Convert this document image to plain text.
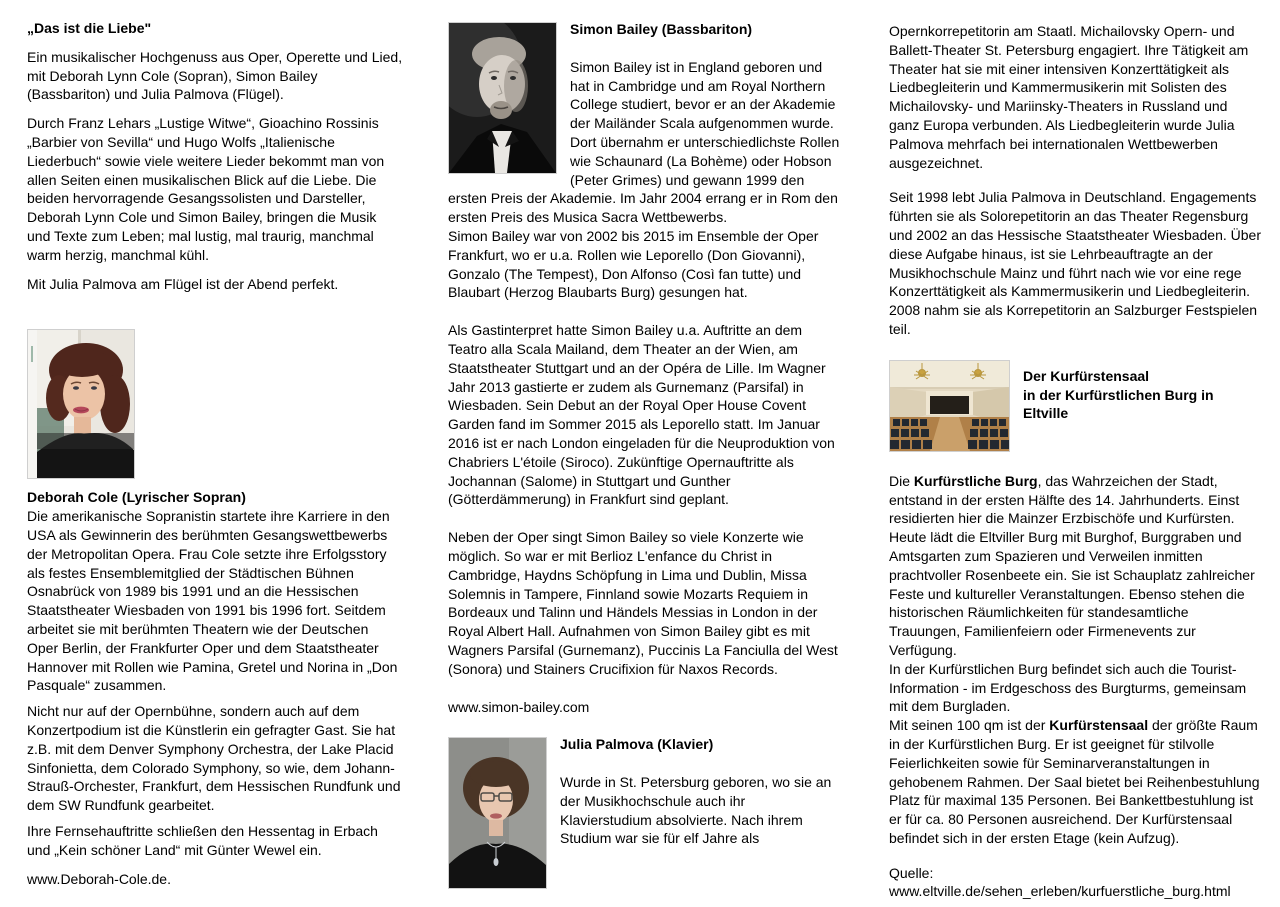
„Das ist die Liebe"

Ein musikalischer Hochgenuss aus Oper, Operette und Lied, mit Deborah Lynn Cole (Sopran), Simon Bailey (Bassbariton) und Julia Palmova (Flügel).

Durch Franz Lehars „Lustige Witwe“, Gioachino Rossinis „Barbier von Sevilla“ und Hugo Wolfs „Italienische Liederbuch“ sowie viele weitere Lieder bekommt man von allen Seiten einen musikalischen Blick auf die Liebe. Die beiden hervorragende Gesangssolisten und Darsteller, Deborah Lynn Cole und Simon Bailey, bringen die Musik und Texte zum Leben; mal lustig, mal traurig, manchmal warm herzig, manchmal kühl.

Mit Julia Palmova am Flügel ist der Abend perfekt.

Deborah Cole (Lyrischer Sopran)
Die amerikanische Sopranistin startete ihre Karriere in den USA als Gewinnerin des berühmten Gesangswettbewerbs der Metropolitan Opera. Frau Cole setzte ihre Erfolgsstory als festes Ensemblemitglied der Städtischen Bühnen Osnabrück von 1989 bis 1991 und an die Hessischen Staatstheater Wiesbaden von 1991 bis 1996 fort. Seitdem arbeitet sie mit berühmten Theatern wie der Deutschen Oper Berlin, der Frankfurter Oper und dem Staatstheater Hannover mit Rollen wie Pamina, Gretel und Norina in „Don Pasquale“ zusammen.

Nicht nur auf der Opernbühne, sondern auch auf dem Konzertpodium ist die Künstlerin ein gefragter Gast. Sie hat z.B. mit dem Denver Symphony Orchestra, der Lake Placid Sinfonietta, dem Colorado Symphony, so wie, dem Johann-Strauß-Orchester, Frankfurt, dem Hessischen Rundfunk und dem SW Rundfunk gearbeitet.

Ihre Fernsehauftritte schließen den Hessentag in Erbach und „Kein schöner Land“ mit Günter Wewel ein.

www.Deborah-Cole.de.

Simon Bailey (Bassbariton)
Simon Bailey ist in England geboren und hat in Cambridge und am Royal Northern College studiert, bevor er an der Akademie der Mailänder Scala aufgenommen wurde. Dort übernahm er unterschiedlichste Rollen wie Schaunard (La Bohème) oder Hobson (Peter Grimes) und gewann 1999 den ersten Preis der Akademie. Im Jahr 2004 errang er in Rom den ersten Preis des Musica Sacra Wettbewerbs.
Simon Bailey war von 2002 bis 2015 im Ensemble der Oper Frankfurt, wo er u.a. Rollen wie Leporello (Don Giovanni), Gonzalo (The Tempest), Don Alfonso (Così fan tutte) und Blaubart (Herzog Blaubarts Burg) gesungen hat.

Als Gastinterpret hatte Simon Bailey u.a. Auftritte an dem Teatro alla Scala Mailand, dem Theater an der Wien, am Staatstheater Stuttgart und an der Opéra de Lille. Im Wagner Jahr 2013 gastierte er zudem als Gurnemanz (Parsifal) in Wiesbaden. Sein Debut an der Royal Oper House Covent Garden fand im Sommer 2015 als Leporello statt. Im Januar 2016 ist er nach London eingeladen für die Neuproduktion von Chabriers L'étoile (Siroco). Zukünftige Opernauftritte als Jochannan (Salome) in Stuttgart und Gunther (Götterdämmerung) in Frankfurt sind geplant.

Neben der Oper singt Simon Bailey so viele Konzerte wie möglich. So war er mit Berlioz L'enfance du Christ in Cambridge, Haydns Schöpfung in Lima und Dublin, Missa Solemnis in Tampere, Finnland sowie Mozarts Requiem in Bordeaux und Talinn und Händels Messias in London in der Royal Albert Hall. Aufnahmen von Simon Bailey gibt es mit Wagners Parsifal (Gurnemanz), Puccinis La Fanciulla del West (Sonora) und Stainers Crucifixion für Naxos Records.

www.simon-bailey.com

Julia Palmova (Klavier)
Wurde in St. Petersburg geboren, wo sie an der Musikhochschule auch ihr Klavierstudium absolvierte. Nach ihrem Studium war sie für elf Jahre als

Opernkorrepetitorin am Staatl. Michailovsky Opern- und Ballett-Theater St. Petersburg engagiert. Ihre Tätigkeit am Theater hat sie mit einer intensiven Konzerttätigkeit als Liedbegleiterin und Kammermusikerin mit Solisten des Michailovsky- und Mariinsky-Theaters in Russland und ganz Europa verbunden. Als Liedbegleiterin wurde Julia Palmova mehrfach bei internationalen Wettbewerben ausgezeichnet.

Seit 1998 lebt Julia Palmova in Deutschland. Engagements führten sie als Solorepetitorin an das Theater Regensburg und 2002 an das Hessische Staatstheater Wiesbaden. Über diese Aufgabe hinaus, ist sie Lehrbeauftragte an der Musikhochschule Mainz und führt nach wie vor eine rege Konzerttätigkeit als Kammermusikerin und Liedbegleiterin. 2008 nahm sie als Korrepetitorin an Salzburger Festspielen teil.

Der Kurfürstensaal
in der Kurfürstlichen Burg in Eltville
Die Kurfürstliche Burg, das Wahrzeichen der Stadt, entstand in der ersten Hälfte des 14. Jahrhunderts. Einst residierten hier die Mainzer Erzbischöfe und Kurfürsten. Heute lädt die Eltviller Burg mit Burghof, Burggraben und Amtsgarten zum Spazieren und Verweilen inmitten prachtvoller Rosenbeete ein. Sie ist Schauplatz zahlreicher Feste und kultureller Veranstaltungen. Ebenso stehen die historischen Räumlichkeiten für standesamtliche Trauungen, Familienfeiern oder Firmenevents zur Verfügung.
In der Kurfürstlichen Burg befindet sich auch die Tourist-Information - im Erdgeschoss des Burgturms, gemeinsam mit dem Burgladen.
Mit seinen 100 qm ist der Kurfürstensaal der größte Raum in der Kurfürstlichen Burg. Er ist geeignet für stilvolle Feierlichkeiten sowie für Seminarveranstaltungen in gehobenem Rahmen. Der Saal bietet bei Reihenbestuhlung Platz für maximal 135 Personen. Bei Bankettbestuhlung ist er für ca. 80 Personen ausreichend. Der Kurfürstensaal befindet sich in der ersten Etage (kein Aufzug).
Quelle:
www.eltville.de/sehen_erleben/kurfuerstliche_burg.html
